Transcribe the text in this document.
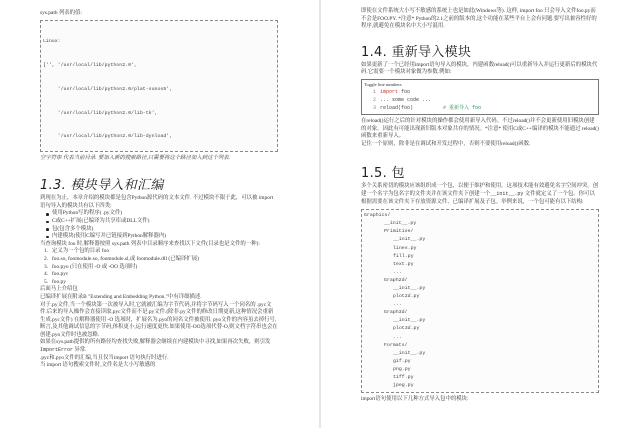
sys.path 列表的值:

Linux:

['', '/usr/local/lib/python2.0',

'/usr/local/lib/python2.0/plat-sunos5',

'/usr/local/lib/python2.0/lib-tk',

'/usr/local/lib/python2.0/lib-dynload',

空字符串 代表当前目录. 要加入新的搜索路径,只需要将这个路径加入到这个列表.

1.3. 模块导入和汇编

到现在为止，本章介绍的模块都是包含Python源代码的文本文件. 不过模块不限于此，可以被 import 语句导入的模块共有以下四类:

使用Python写的程序( .py文件)
C或C++扩展(已编译为共享库或DLL文件)
包(包含多个模块)
内建模块(使用C编写并已链接到Python解释器内)

当查询模块 foo 时,解释器按照 sys.path 列表中目录顺序来查找以下文件(目录也是文件的一种):

1. 定义为一个包的目录 foo
2. foo.so, foomodule.so, foomodule.sl,或 foomodule.dll (已编译扩展)
3. foo.pyo (只在使用 -O 或 -OO 选项时)
4. foo.pyc
5. foo.py

后面马上介绍包

已编译扩展在附录B "Extending and Embedding Python."中有详细描述.

对于.py文件,当一个模块第一次被导入时,它就被汇编为字节代码,并将字节码写入一个同名的 .pyc文件.后来的导入操作会直接读取.pyc文件而不是.py文件.(除非.py文件的修改日期更新,这种情况会重新生成.pyc文件) 在解释器使用 -O 选项时，扩展名为.pyo的同名文件被使用. pyo文件的内容虽去掉行号,断言,及其他调试信息的字节码,体积更小,运行速度更快.如果使用-OO选项代替-O,则文档字符串也会在创建.pyo文件时也被忽略.

如果在sys.path提供的所有路径均查找失败,解释器会继续在内建模块中寻找,如果再次失败，则引发 ImportError 异常.

.pyc和.pyo文件的汇编,当且仅当import 语句执行时进行.

当 import 语句搜索文件时,文件名是大小写敏感的

即使在文件系统大小写不敏感的系统上也是如此(Windows等). 这样, import foo 只会导入文件foo.py而不会是FOO.PY. *注意* Python的2.1之前的版本的,这个功能在某些平台上会有问题.要写出兼容性好的程序,就避免在模块名中大小写混用.

1.4. 重新导入模块

如果更新了一个已经用import语句导入的模块，内建函数reload()可以重新导入并运行更新后的模块代码.它需要一个模块对象做为参数.例如:

Toggle line numbers
1 import foo
2 ... some code ...
3 reload(foo)          # 重新导入 foo

在reload()运行之后的针对模块的操作都会使用新导入代码。不过reload()并不会更新使用旧模块创建的对象，因此有可能出现新旧版本对象共存的情况。*注意* 使用C或C++编译的模块不能通过 reload() 函数来重新导入。

记住一个原则，除非是在调试和开发过程中，否则不要使用reload()函数.

1.5. 包

多个关系密切的模块应该组织成一个包，以便于维护和使用。这项技术能有效避免名字空间冲突。创建一个名字为包名字的文件夹并在该文件夹下创建一个__init__.py 文件就定义了一个包。你可以根据需要在该文件夹下存放资源文件、已编译扩展及子包。举例来说，一个包可能有以下结构:

Graphics/
__init__.py
Primitive/
__init__.py
lines.py
fill.py
text.py
...
Graph2d/
__init__.py
plot2d.py
...
Graph3d/
__init__.py
plot3d.py
...
Formats/
__init__.py
gif.py
png.py
tiff.py
jpeg.py

import语句使用以下几种方式导入包中的模块:
